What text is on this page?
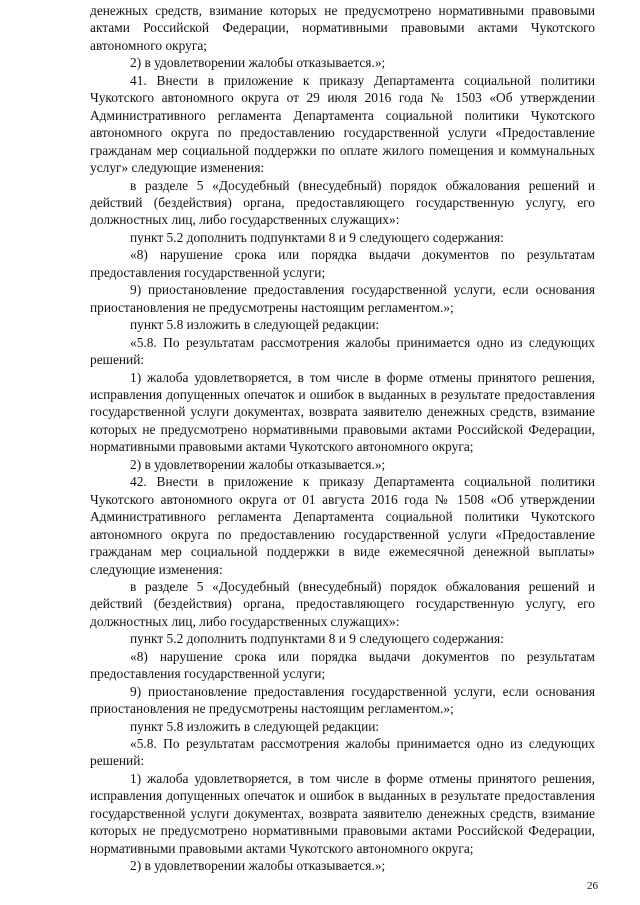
денежных средств, взимание которых не предусмотрено нормативными правовыми актами Российской Федерации, нормативными правовыми актами Чукотского автономного округа;

2) в удовлетворении жалобы отказывается.»;

41. Внести в приложение к приказу Департамента социальной политики Чукотского автономного округа от 29 июля 2016 года № 1503 «Об утверждении Административного регламента Департамента социальной политики Чукотского автономного округа по предоставлению государственной услуги «Предоставление гражданам мер социальной поддержки по оплате жилого помещения и коммунальных услуг» следующие изменения:

в разделе 5 «Досудебный (внесудебный) порядок обжалования решений и действий (бездействия) органа, предоставляющего государственную услугу, его должностных лиц, либо государственных служащих»:

пункт 5.2 дополнить подпунктами 8 и 9 следующего содержания:

«8) нарушение срока или порядка выдачи документов по результатам предоставления государственной услуги;

9) приостановление предоставления государственной услуги, если основания приостановления не предусмотрены настоящим регламентом.»;

пункт 5.8 изложить в следующей редакции:

«5.8. По результатам рассмотрения жалобы принимается одно из следующих решений:

1) жалоба удовлетворяется, в том числе в форме отмены принятого решения, исправления допущенных опечаток и ошибок в выданных в результате предоставления государственной услуги документах, возврата заявителю денежных средств, взимание которых не предусмотрено нормативными правовыми актами Российской Федерации, нормативными правовыми актами Чукотского автономного округа;

2) в удовлетворении жалобы отказывается.»;

42. Внести в приложение к приказу Департамента социальной политики Чукотского автономного округа от 01 августа 2016 года № 1508 «Об утверждении Административного регламента Департамента социальной политики Чукотского автономного округа по предоставлению государственной услуги «Предоставление гражданам мер социальной поддержки в виде ежемесячной денежной выплаты» следующие изменения:

в разделе 5 «Досудебный (внесудебный) порядок обжалования решений и действий (бездействия) органа, предоставляющего государственную услугу, его должностных лиц, либо государственных служащих»:

пункт 5.2 дополнить подпунктами 8 и 9 следующего содержания:

«8) нарушение срока или порядка выдачи документов по результатам предоставления государственной услуги;

9) приостановление предоставления государственной услуги, если основания приостановления не предусмотрены настоящим регламентом.»;

пункт 5.8 изложить в следующей редакции:

«5.8. По результатам рассмотрения жалобы принимается одно из следующих решений:

1) жалоба удовлетворяется, в том числе в форме отмены принятого решения, исправления допущенных опечаток и ошибок в выданных в результате предоставления государственной услуги документах, возврата заявителю денежных средств, взимание которых не предусмотрено нормативными правовыми актами Российской Федерации, нормативными правовыми актами Чукотского автономного округа;

2) в удовлетворении жалобы отказывается.»;

26
